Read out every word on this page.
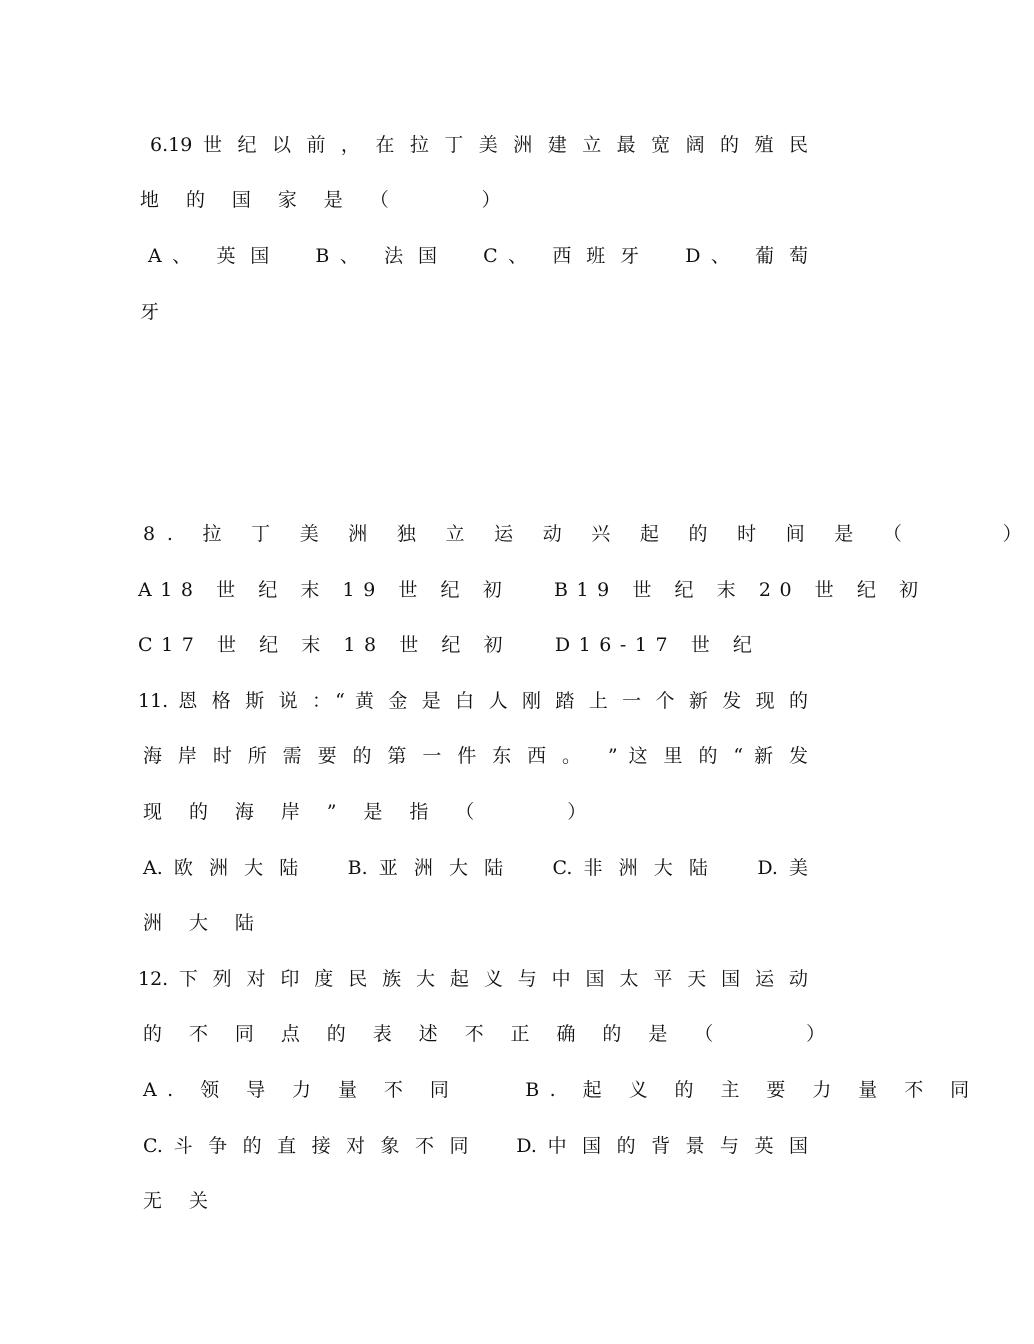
6.19 世 纪 以 前 ， 在 拉 丁 美 洲 建 立 最 宽 阔 的 殖 民
地 的 国 家 是 （     ）
A 、  英 国    B 、  法 国    C 、  西 班 牙    D 、  葡 萄
牙
8. 拉 丁 美 洲 独 立 运 动 兴 起 的 时 间 是 （     ）
A18 世 纪 末 19 世 纪 初   B19 世 纪 末 20 世 纪 初
C17 世 纪 末 18 世 纪 初   D16-17 世 纪
11. 恩 格 斯 说 ：“ 黄 金 是 白 人 刚 踏 上 一 个 新 发 现 的
海 岸 时 所 需 要 的 第 一 件 东 西 。  ” 这 里 的 “ 新 发
现 的 海 岸 ” 是 指 （     ）
A. 欧 洲 大 陆    B. 亚 洲 大 陆    C. 非 洲 大 陆    D. 美
洲 大 陆
12. 下 列 对 印 度 民 族 大 起 义 与 中 国 太 平 天 国 运 动
的 不 同 点 的 表 述 不 正 确 的 是 （     ）
A. 领 导 力 量 不 同    B. 起 义 的 主 要 力 量 不 同
C. 斗 争 的 直 接 对 象 不 同    D. 中 国 的 背 景 与 英 国
无 关
